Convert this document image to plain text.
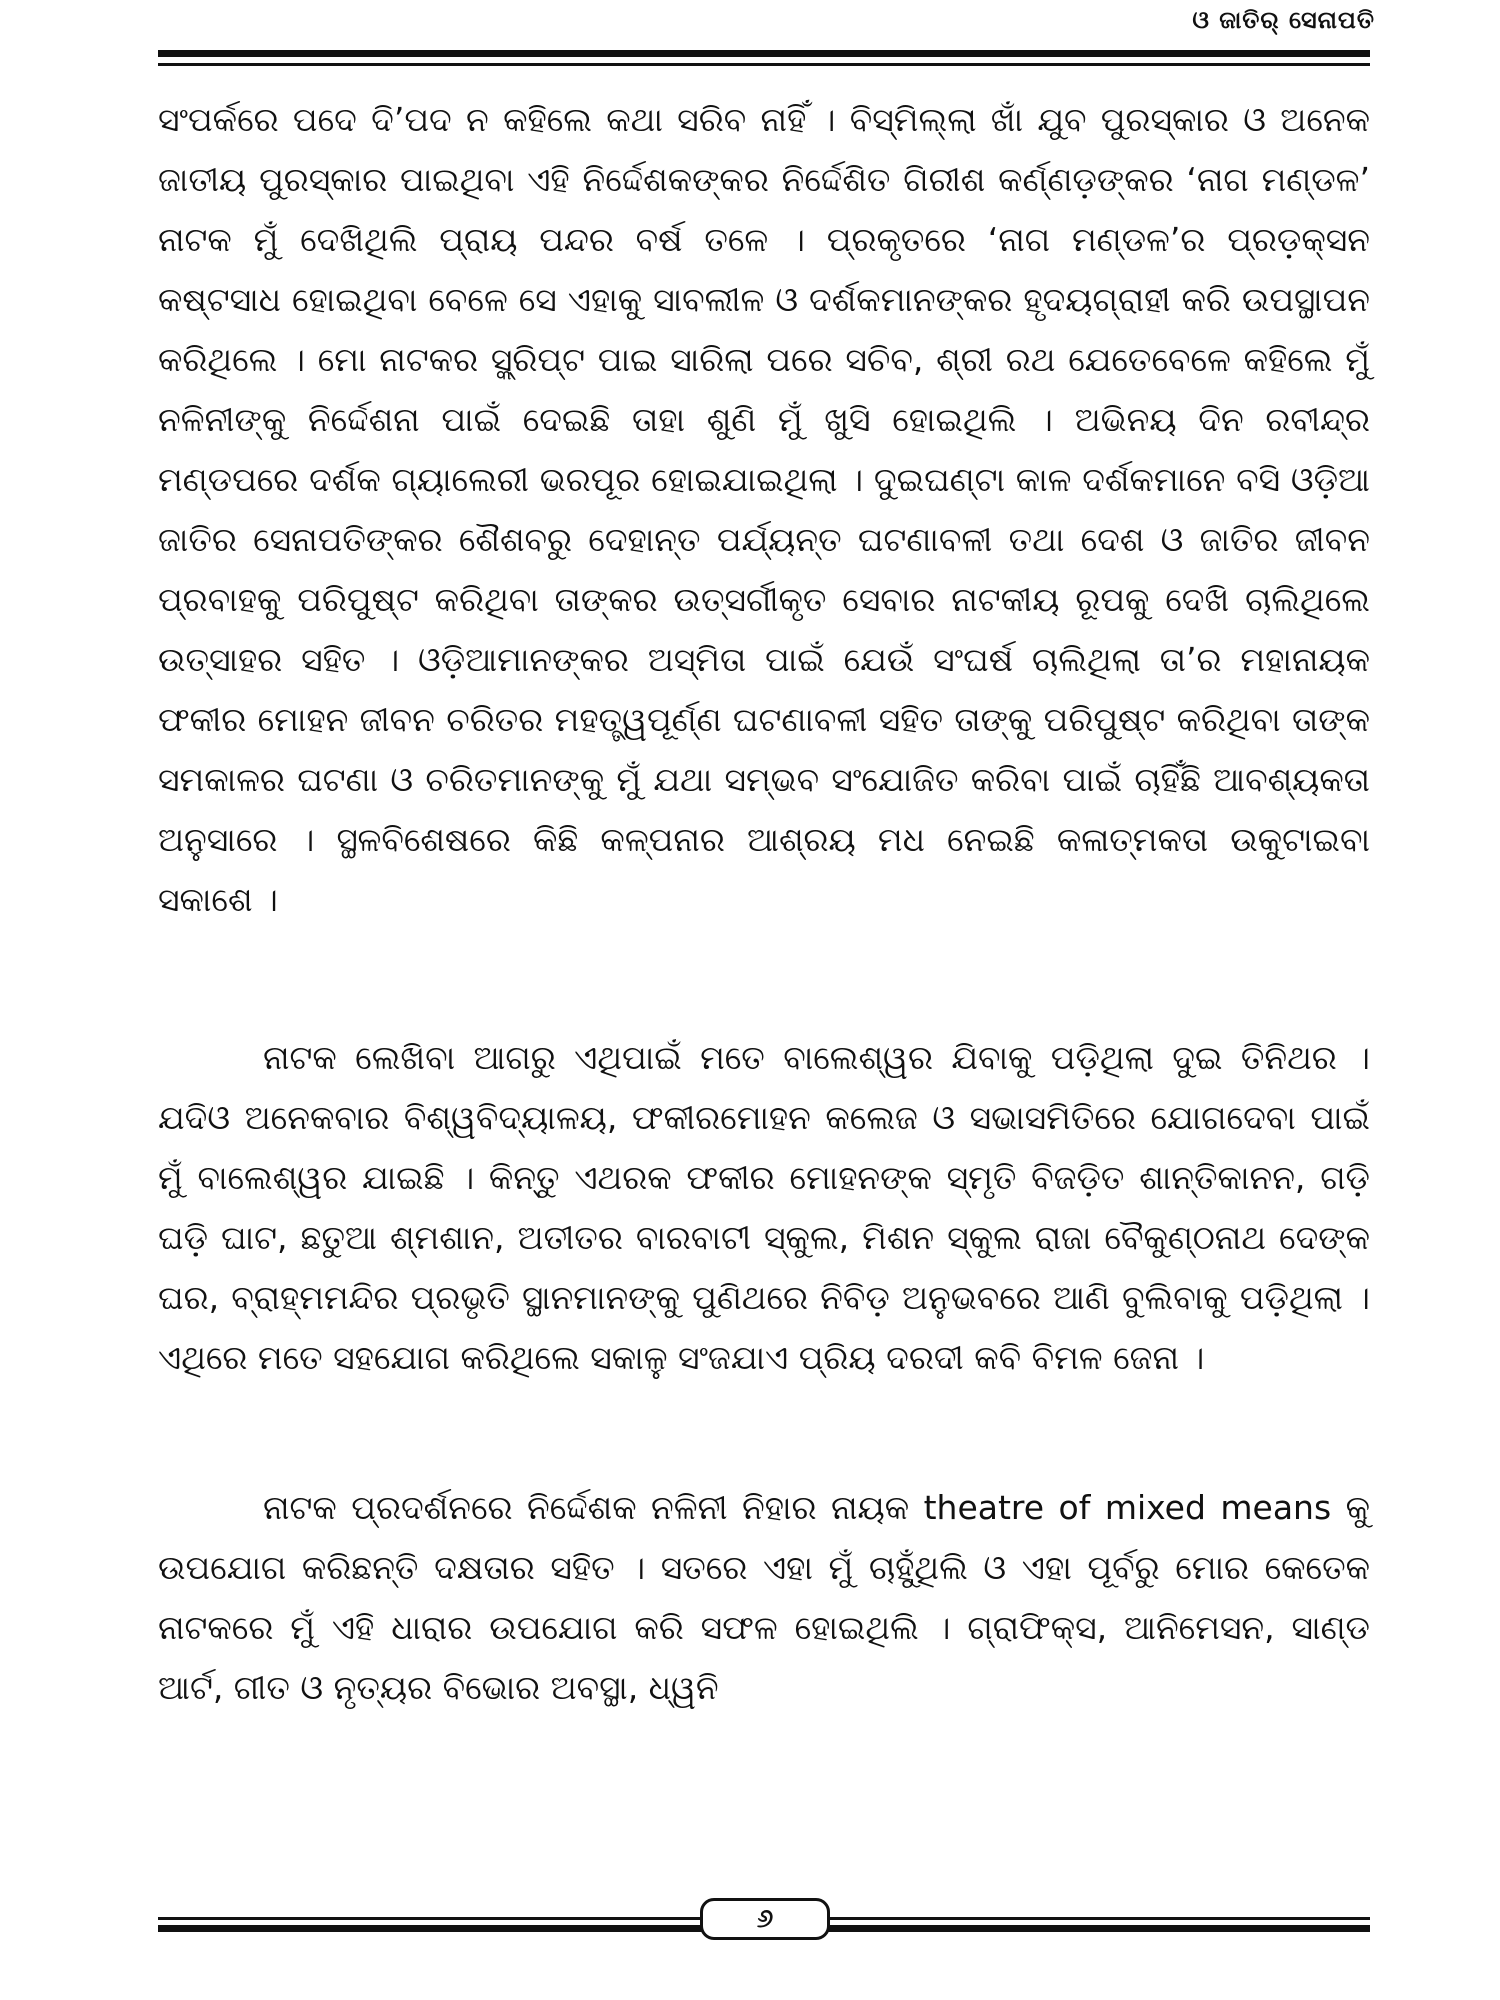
ଓ ଜାତିର୍ ସେନାପତି

ସଂପର୍କରେ ପଦେ ଦି’ପଦ ନ କହିଲେ କଥା ସରିବ ନାହିଁ । ବିସ୍ମିଲ୍ଲା ଖାଁ ଯୁବ ପୁରସ୍କାର ଓ ଅନେକ ଜାତୀୟ ପୁରସ୍କାର ପାଇଥିବା ଏହି ନିର୍ଦ୍ଦେଶକଙ୍କର ନିର୍ଦ୍ଦେଶିତ ଗିରୀଶ କର୍ଣ୍ଣଡ଼ଙ୍କର ‘ନାଗ ମଣ୍ଡଳ’ ନାଟକ ମୁଁ ଦେଖିଥିଲି ପ୍ରାୟ ପନ୍ଦର ବର୍ଷ ତଳେ । ପ୍ରକୃତରେ ‘ନାଗ ମଣ୍ଡଳ’ର ପ୍ରଡ଼କ୍ସନ କଷ୍ଟସାଧ ହୋଇଥିବା ବେଳେ ସେ ଏହାକୁ ସାବଲୀଳ ଓ ଦର୍ଶକମାନଙ୍କର ହୃଦୟଗ୍ରାହୀ କରି ଉପସ୍ଥାପନ କରିଥିଲେ । ମୋ ନାଟକର ସ୍କ୍ରିପ୍ଟ ପାଇ ସାରିଲା ପରେ ସଚିବ, ଶ୍ରୀ ରଥ ଯେତେବେଳେ କହିଲେ ମୁଁ ନଳିନୀଙ୍କୁ ନିର୍ଦ୍ଦେଶନା ପାଇଁ ଦେଇଛି ତାହା ଶୁଣି ମୁଁ ଖୁସି ହୋଇଥିଲି । ଅଭିନୟ ଦିନ ରବୀନ୍ଦ୍ର ମଣ୍ଡପରେ ଦର୍ଶକ ଗ୍ୟାଲେରୀ ଭରପୂର ହୋଇଯାଇଥିଲା । ଦୁଇଘଣ୍ଟା କାଳ ଦର୍ଶକମାନେ ବସି ଓଡ଼ିଆ ଜାତିର ସେନାପତିଙ୍କର ଶୈଶବରୁ ଦେହାନ୍ତ ପର୍ଯ୍ୟନ୍ତ ଘଟଣାବଳୀ ତଥା ଦେଶ ଓ ଜାତିର ଜୀବନ ପ୍ରବାହକୁ ପରିପୁଷ୍ଟ କରିଥିବା ତାଙ୍କର ଉତ୍ସର୍ଗୀକୃତ ସେବାର ନାଟକୀୟ ରୂପକୁ ଦେଖି ଚାଲିଥିଲେ ଉତ୍ସାହର ସହିତ । ଓଡ଼ିଆମାନଙ୍କର ଅସ୍ମିତା ପାଇଁ ଯେଉଁ ସଂଘର୍ଷ ଚାଲିଥିଲା ତା’ର ମହାନାୟକ ଫକୀର ମୋହନ ଜୀବନ ଚରିତର ମହତ୍ତ୍ୱପୂର୍ଣ୍ଣ ଘଟଣାବଳୀ ସହିତ ତାଙ୍କୁ ପରିପୁଷ୍ଟ କରିଥିବା ତାଙ୍କ ସମକାଳର ଘଟଣା ଓ ଚରିତମାନଙ୍କୁ ମୁଁ ଯଥା ସମ୍ଭବ ସଂଯୋଜିତ କରିବା ପାଇଁ ଚାହିଁଛି ଆବଶ୍ୟକତା ଅନୁସାରେ । ସ୍ଥଳବିଶେଷରେ କିଛି କଳ୍ପନାର ଆଶ୍ରୟ ମଧ ନେଇଛି କଳାତ୍ମକତା ଉକୁଟାଇବା ସକାଶେ ।

ନାଟକ ଲେଖିବା ଆଗରୁ ଏଥିପାଇଁ ମତେ ବାଲେଶ୍ୱର ଯିବାକୁ ପଡ଼ିଥିଲା ଦୁଇ ତିନିଥର । ଯଦିଓ ଅନେକବାର ବିଶ୍ୱବିଦ୍ୟାଳୟ, ଫକୀରମୋହନ କଲେଜ ଓ ସଭାସମିତିରେ ଯୋଗଦେବା ପାଇଁ ମୁଁ ବାଲେଶ୍ୱର ଯାଇଛି । କିନ୍ତୁ ଏଥରକ ଫକୀର ମୋହନଙ୍କ ସ୍ମୃତି ବିଜଡ଼ିତ ଶାନ୍ତିକାନନ, ଗଡ଼ି ଘଡ଼ି ଘାଟ, ଛତୁଆ ଶ୍ମଶାନ, ଅତୀତର ବାରବାଟୀ ସ୍କୁଲ, ମିଶନ ସ୍କୁଲ ରାଜା ବୈକୁଣ୍ଠନାଥ ଦେଙ୍କ ଘର, ବ୍ରାହ୍ମମନ୍ଦିର ପ୍ରଭୃତି ସ୍ଥାନମାନଙ୍କୁ ପୁଣିଥରେ ନିବିଡ଼ ଅନୁଭବରେ ଆଣି ବୁଲିବାକୁ ପଡ଼ିଥିଲା । ଏଥିରେ ମତେ ସହଯୋଗ କରିଥିଲେ ସକାଳୁ ସଂଜଯାଏ ପ୍ରିୟ ଦରଦୀ କବି ବିମଳ ଜେନା ।

ନାଟକ ପ୍ରଦର୍ଶନରେ ନିର୍ଦ୍ଦେଶକ ନଳିନୀ ନିହାର ନାୟକ theatre of mixed means କୁ ଉପଯୋଗ କରିଛନ୍ତି ଦକ୍ଷତାର ସହିତ । ସତରେ ଏହା ମୁଁ ଚାହୁଁଥିଲି ଓ ଏହା ପୂର୍ବରୁ ମୋର କେତେକ ନାଟକରେ ମୁଁ ଏହି ଧାରାର ଉପଯୋଗ କରି ସଫଳ ହୋଇଥିଲି । ଗ୍ରାଫିକ୍ସ, ଆନିମେସନ, ସାଣ୍ଡ ଆର୍ଟ, ଗୀତ ଓ ନୃତ୍ୟର ବିଭୋର ଅବସ୍ଥା, ଧ୍ୱନି

୬
